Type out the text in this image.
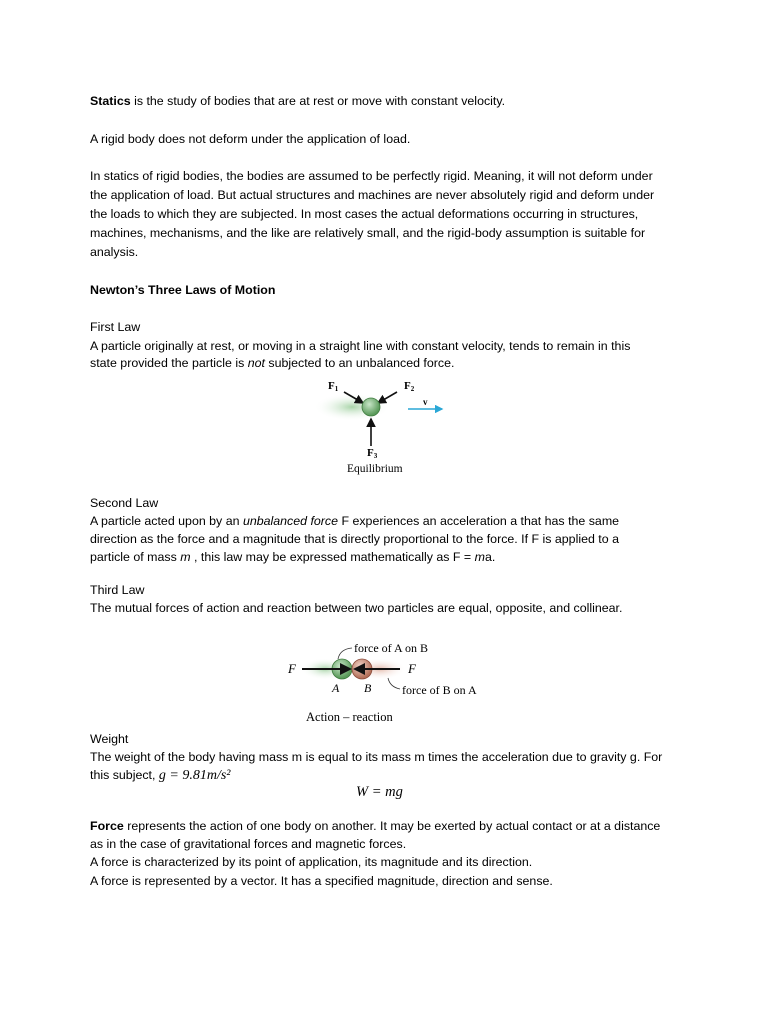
Statics is the study of bodies that are at rest or move with constant velocity.
A rigid body does not deform under the application of load.
In statics of rigid bodies, the bodies are assumed to be perfectly rigid. Meaning, it will not deform under
the application of load. But actual structures and machines are never absolutely rigid and deform under
the loads to which they are subjected. In most cases the actual deformations occurring in structures,
machines, mechanisms, and the like are relatively small, and the rigid-body assumption is suitable for
analysis.
Newton’s Three Laws of Motion
First Law
A particle originally at rest, or moving in a straight line with constant velocity, tends to remain in this
state provided the particle is not subjected to an unbalanced force.
Second Law
A particle acted upon by an unbalanced force F experiences an acceleration a that has the same
direction as the force and a magnitude that is directly proportional to the force. If F is applied to a
particle of mass m , this law may be expressed mathematically as F = ma.
Third Law
The mutual forces of action and reaction between two particles are equal, opposite, and collinear.
Weight
The weight of the body having mass m is equal to its mass m times the acceleration due to gravity g. For
this subject, g = 9.81m/s²
W = mg
Force represents the action of one body on another. It may be exerted by actual contact or at a distance
as in the case of gravitational forces and magnetic forces.
A force is characterized by its point of application, its magnitude and its direction.
A force is represented by a vector. It has a specified magnitude, direction and sense.
F1	F2
F3
v
Equilibrium
F	F
A B
force of A on B
force of B on A
Action – reaction
